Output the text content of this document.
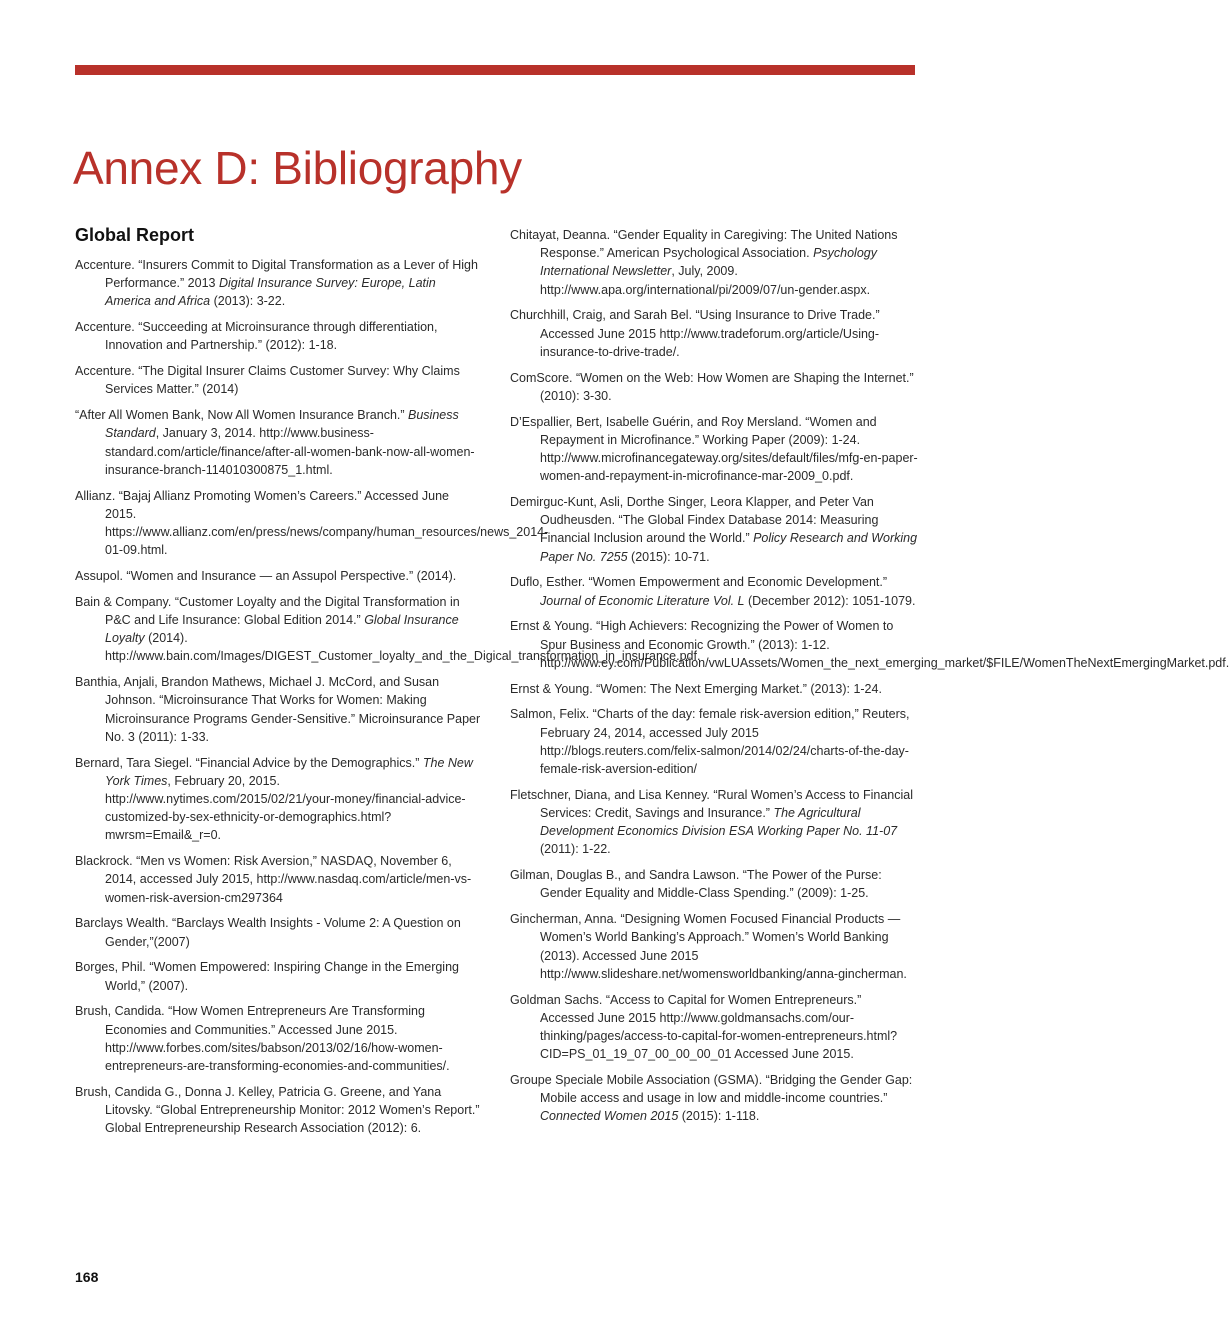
Annex D: Bibliography
Global Report
Accenture. “Insurers Commit to Digital Transformation as a Lever of High Performance.” 2013 Digital Insurance Survey: Europe, Latin America and Africa (2013): 3-22.
Accenture. “Succeeding at Microinsurance through differentiation, Innovation and Partnership.” (2012): 1-18.
Accenture. “The Digital Insurer Claims Customer Survey: Why Claims Services Matter.” (2014)
“After All Women Bank, Now All Women Insurance Branch.” Business Standard, January 3, 2014. http://www.business-standard.com/article/finance/after-all-women-bank-now-all-women-insurance-branch-114010300875_1.html.
Allianz. “Bajaj Allianz Promoting Women’s Careers.” Accessed June 2015. https://www.allianz.com/en/press/news/company/human_resources/news_2014-01-09.html.
Assupol. “Women and Insurance — an Assupol Perspective.” (2014).
Bain & Company. “Customer Loyalty and the Digital Transformation in P&C and Life Insurance: Global Edition 2014.” Global Insurance Loyalty (2014). http://www.bain.com/Images/DIGEST_Customer_loyalty_and_the_Digical_transformation_in_insurance.pdf.
Banthia, Anjali, Brandon Mathews, Michael J. McCord, and Susan Johnson. “Microinsurance That Works for Women: Making Microinsurance Programs Gender-Sensitive.” Microinsurance Paper No. 3 (2011): 1-33.
Bernard, Tara Siegel. “Financial Advice by the Demographics.” The New York Times, February 20, 2015. http://www.nytimes.com/2015/02/21/your-money/financial-advice-customized-by-sex-ethnicity-or-demographics.html?mwrsm=Email&_r=0.
Blackrock. “Men vs Women: Risk Aversion,” NASDAQ, November 6, 2014, accessed July 2015, http://www.nasdaq.com/article/men-vs-women-risk-aversion-cm297364
Barclays Wealth. “Barclays Wealth Insights - Volume 2: A Question on Gender,”(2007)
Borges, Phil. “Women Empowered: Inspiring Change in the Emerging World,” (2007).
Brush, Candida. “How Women Entrepreneurs Are Transforming Economies and Communities.” Accessed June 2015. http://www.forbes.com/sites/babson/2013/02/16/how-women-entrepreneurs-are-transforming-economies-and-communities/.
Brush, Candida G., Donna J. Kelley, Patricia G. Greene, and Yana Litovsky. “Global Entrepreneurship Monitor: 2012 Women’s Report.” Global Entrepreneurship Research Association (2012): 6.
Chitayat, Deanna. “Gender Equality in Caregiving: The United Nations Response.” American Psychological Association. Psychology International Newsletter, July, 2009. http://www.apa.org/international/pi/2009/07/un-gender.aspx.
Churchhill, Craig, and Sarah Bel. “Using Insurance to Drive Trade.” Accessed June 2015 http://www.tradeforum.org/article/Using-insurance-to-drive-trade/.
ComScore. “Women on the Web: How Women are Shaping the Internet.” (2010): 3-30.
D’Espallier, Bert, Isabelle Guérin, and Roy Mersland. “Women and Repayment in Microfinance.” Working Paper (2009): 1-24. http://www.microfinancegateway.org/sites/default/files/mfg-en-paper-women-and-repayment-in-microfinance-mar-2009_0.pdf.
Demirguc-Kunt, Asli, Dorthe Singer, Leora Klapper, and Peter Van Oudheusden. “The Global Findex Database 2014: Measuring Financial Inclusion around the World.” Policy Research and Working Paper No. 7255 (2015): 10-71.
Duflo, Esther. “Women Empowerment and Economic Development.” Journal of Economic Literature Vol. L (December 2012): 1051-1079.
Ernst & Young. “High Achievers: Recognizing the Power of Women to Spur Business and Economic Growth.” (2013): 1-12. http://www.ey.com/Publication/vwLUAssets/Women_the_next_emerging_market/$FILE/WomenTheNextEmergingMarket.pdf.
Ernst & Young. “Women: The Next Emerging Market.” (2013): 1-24.
Salmon, Felix. “Charts of the day: female risk-aversion edition,” Reuters, February 24, 2014, accessed July 2015 http://blogs.reuters.com/felix-salmon/2014/02/24/charts-of-the-day-female-risk-aversion-edition/
Fletschner, Diana, and Lisa Kenney. “Rural Women’s Access to Financial Services: Credit, Savings and Insurance.” The Agricultural Development Economics Division ESA Working Paper No. 11-07 (2011): 1-22.
Gilman, Douglas B., and Sandra Lawson. “The Power of the Purse: Gender Equality and Middle-Class Spending.” (2009): 1-25.
Gincherman, Anna. “Designing Women Focused Financial Products — Women’s World Banking’s Approach.” Women’s World Banking (2013). Accessed June 2015 http://www.slideshare.net/womensworldbanking/anna-gincherman.
Goldman Sachs. “Access to Capital for Women Entrepreneurs.” Accessed June 2015 http://www.goldmansachs.com/our-thinking/pages/access-to-capital-for-women-entrepreneurs.html?CID=PS_01_19_07_00_00_00_01 Accessed June 2015.
Groupe Speciale Mobile Association (GSMA). “Bridging the Gender Gap: Mobile access and usage in low and middle-income countries.” Connected Women 2015 (2015): 1-118.
168
